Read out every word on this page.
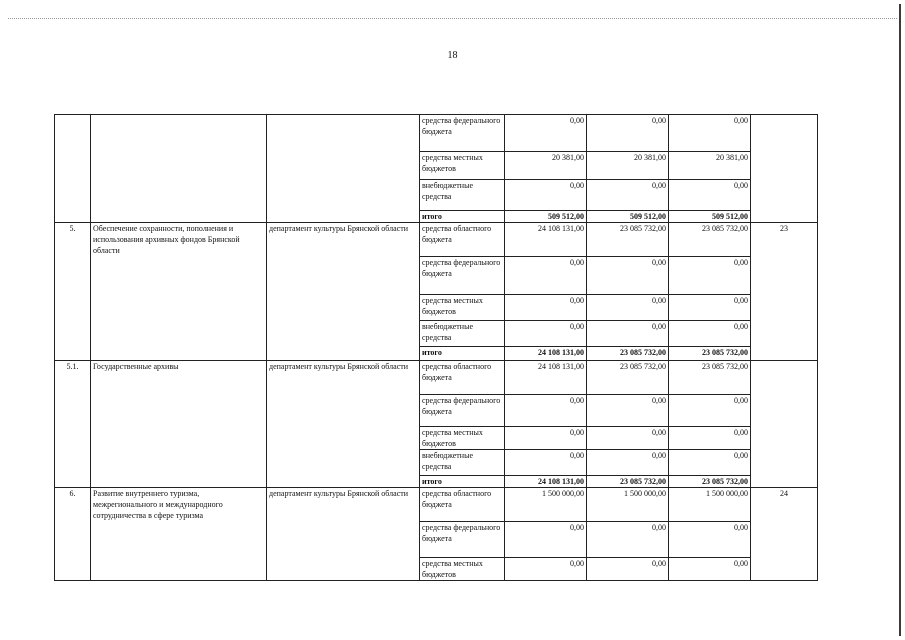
18
			средства федерального бюджета	0,00	0,00	0,00	
			средства местных бюджетов	20 381,00	20 381,00	20 381,00	
			внебюджетные средства	0,00	0,00	0,00	
			итого	509 512,00	509 512,00	509 512,00	
5.	Обеспечение сохранности, пополнения и использования архивных фондов Брянской области	департамент культуры Брянской области	средства областного бюджета	24 108 131,00	23 085 732,00	23 085 732,00	23
			средства федерального бюджета	0,00	0,00	0,00	
			средства местных бюджетов	0,00	0,00	0,00	
			внебюджетные средства	0,00	0,00	0,00	
			итого	24 108 131,00	23 085 732,00	23 085 732,00	
5.1.	Государственные архивы	департамент культуры Брянской области	средства областного бюджета	24 108 131,00	23 085 732,00	23 085 732,00	
			средства федерального бюджета	0,00	0,00	0,00	
			средства местных бюджетов	0,00	0,00	0,00	
			внебюджетные средства	0,00	0,00	0,00	
			итого	24 108 131,00	23 085 732,00	23 085 732,00	
6.	Развитие внутреннего туризма, межрегионального и международного сотрудничества в сфере туризма	департамент культуры Брянской области	средства областного бюджета	1 500 000,00	1 500 000,00	1 500 000,00	24
			средства федерального бюджета	0,00	0,00	0,00	
			средства местных бюджетов	0,00	0,00	0,00	
